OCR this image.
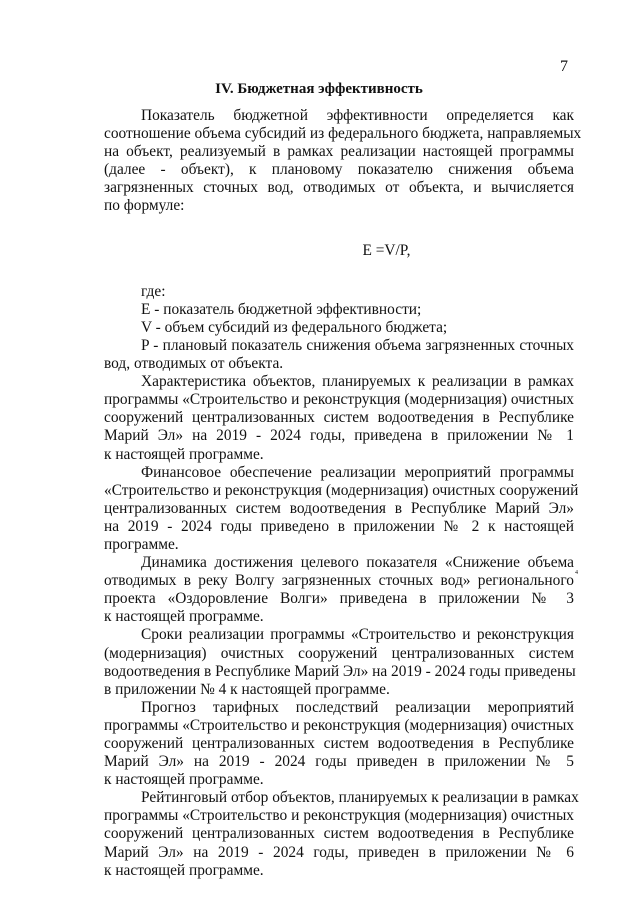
7
IV. Бюджетная эффективность

Показатель бюджетной эффективности определяется как
соотношение объема субсидий из федерального бюджета, направляемых
на объект, реализуемый в рамках реализации настоящей программы
(далее - объект), к плановому показателю снижения объема
загрязненных сточных вод, отводимых от объекта, и вычисляется
по формуле:

E =V/P,

где:
E - показатель бюджетной эффективности;
V - объем субсидий из федерального бюджета;
P - плановый показатель снижения объема загрязненных сточных
вод, отводимых от объекта.

Характеристика объектов, планируемых к реализации в рамках
программы «Строительство и реконструкция (модернизация) очистных
сооружений централизованных систем водоотведения в Республике
Марий Эл» на 2019 - 2024 годы, приведена в приложении № 1
к настоящей программе.

Финансовое обеспечение реализации мероприятий программы
«Строительство и реконструкция (модернизация) очистных сооружений
централизованных систем водоотведения в Республике Марий Эл»
на 2019 - 2024 годы приведено в приложении № 2 к настоящей
программе.

Динамика достижения целевого показателя «Снижение объема
отводимых в реку Волгу загрязненных сточных вод» регионального
проекта «Оздоровление Волги» приведена в приложении № 3
к настоящей программе.

Сроки реализации программы «Строительство и реконструкция
(модернизация) очистных сооружений централизованных систем
водоотведения в Республике Марий Эл» на 2019 - 2024 годы приведены
в приложении № 4 к настоящей программе.

Прогноз тарифных последствий реализации мероприятий
программы «Строительство и реконструкция (модернизация) очистных
сооружений централизованных систем водоотведения в Республике
Марий Эл» на 2019 - 2024 годы приведен в приложении № 5
к настоящей программе.

Рейтинговый отбор объектов, планируемых к реализации в рамках
программы «Строительство и реконструкция (модернизация) очистных
сооружений централизованных систем водоотведения в Республике
Марий Эл» на 2019 - 2024 годы, приведен в приложении № 6
к настоящей программе.

4
